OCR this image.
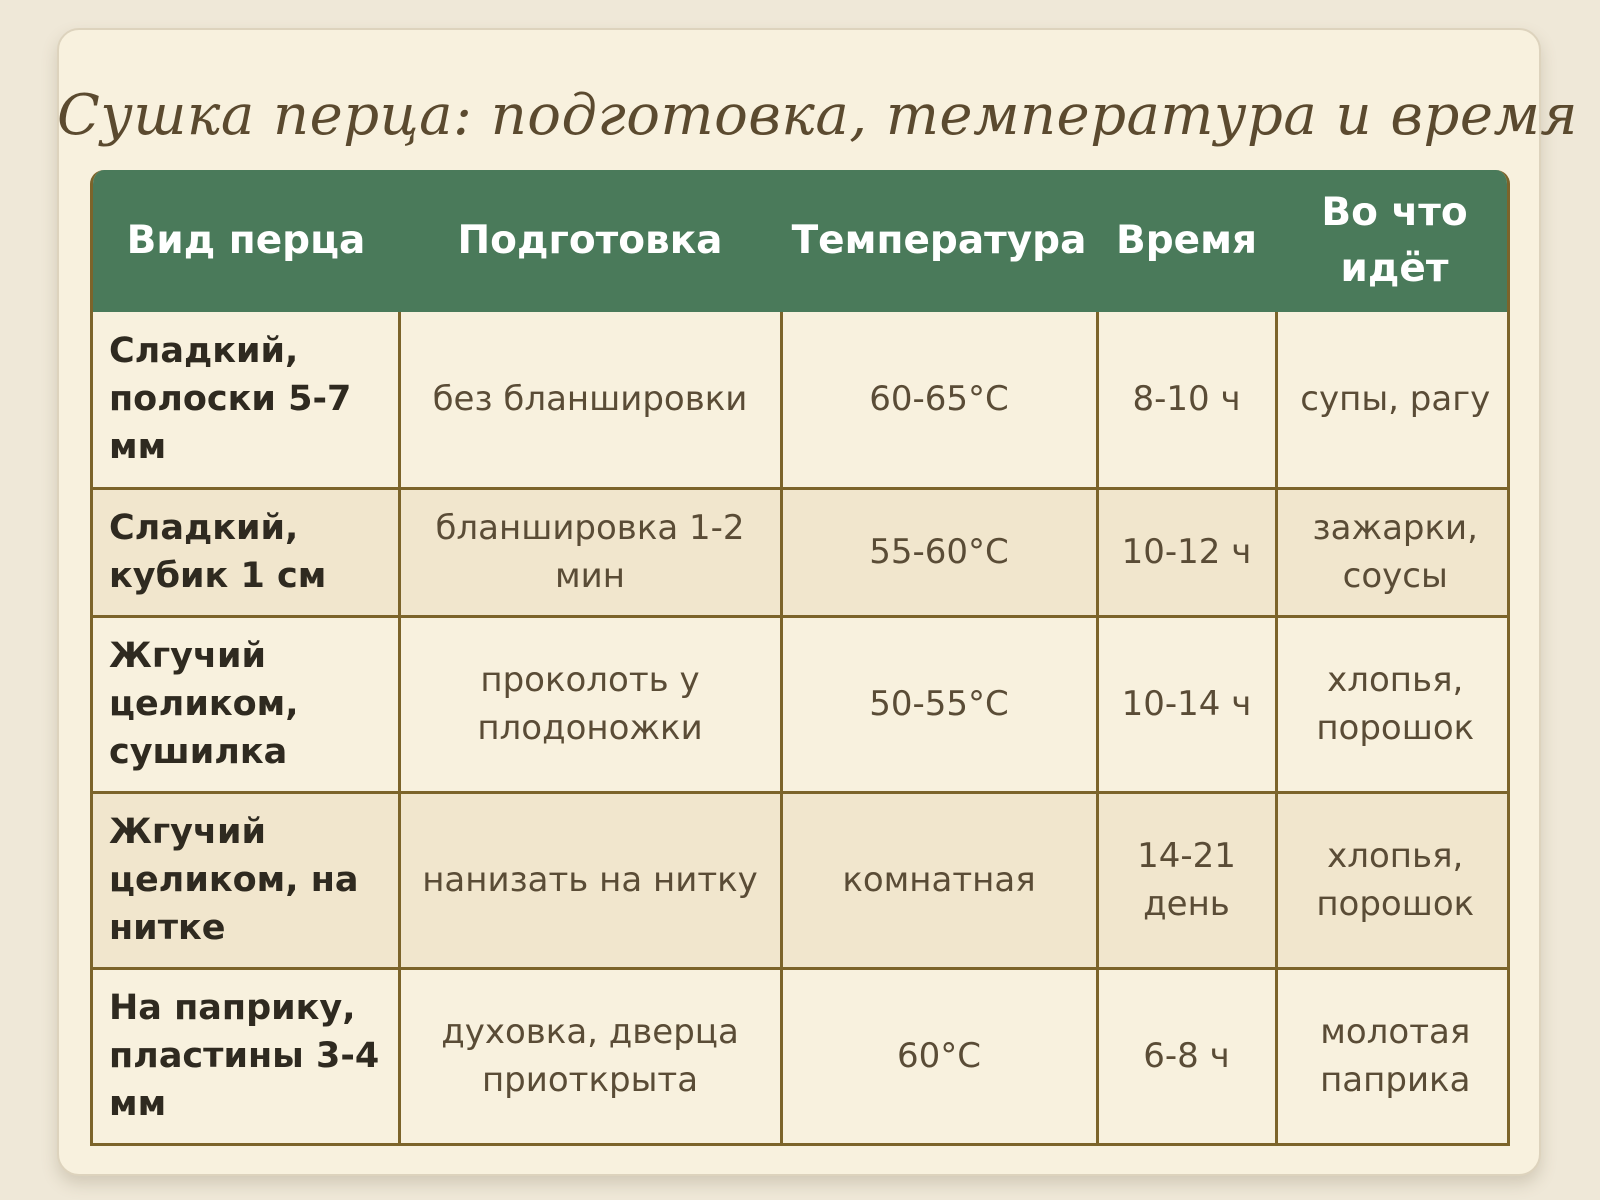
Сушка перца: подготовка, температура и время
Вид перца	Подготовка	Температура	Время	Во что идёт
Сладкий, полоски 5-7 мм	без бланшировки	60-65°C	8-10 ч	супы, рагу
Сладкий, кубик 1 см	бланшировка 1-2 мин	55-60°C	10-12 ч	зажарки, соусы
Жгучий целиком, сушилка	проколоть у плодоножки	50-55°C	10-14 ч	хлопья, порошок
Жгучий целиком, на нитке	нанизать на нитку	комнатная	14-21 день	хлопья, порошок
На паприку, пластины 3-4 мм	духовка, дверца приоткрыта	60°C	6-8 ч	молотая паприка
